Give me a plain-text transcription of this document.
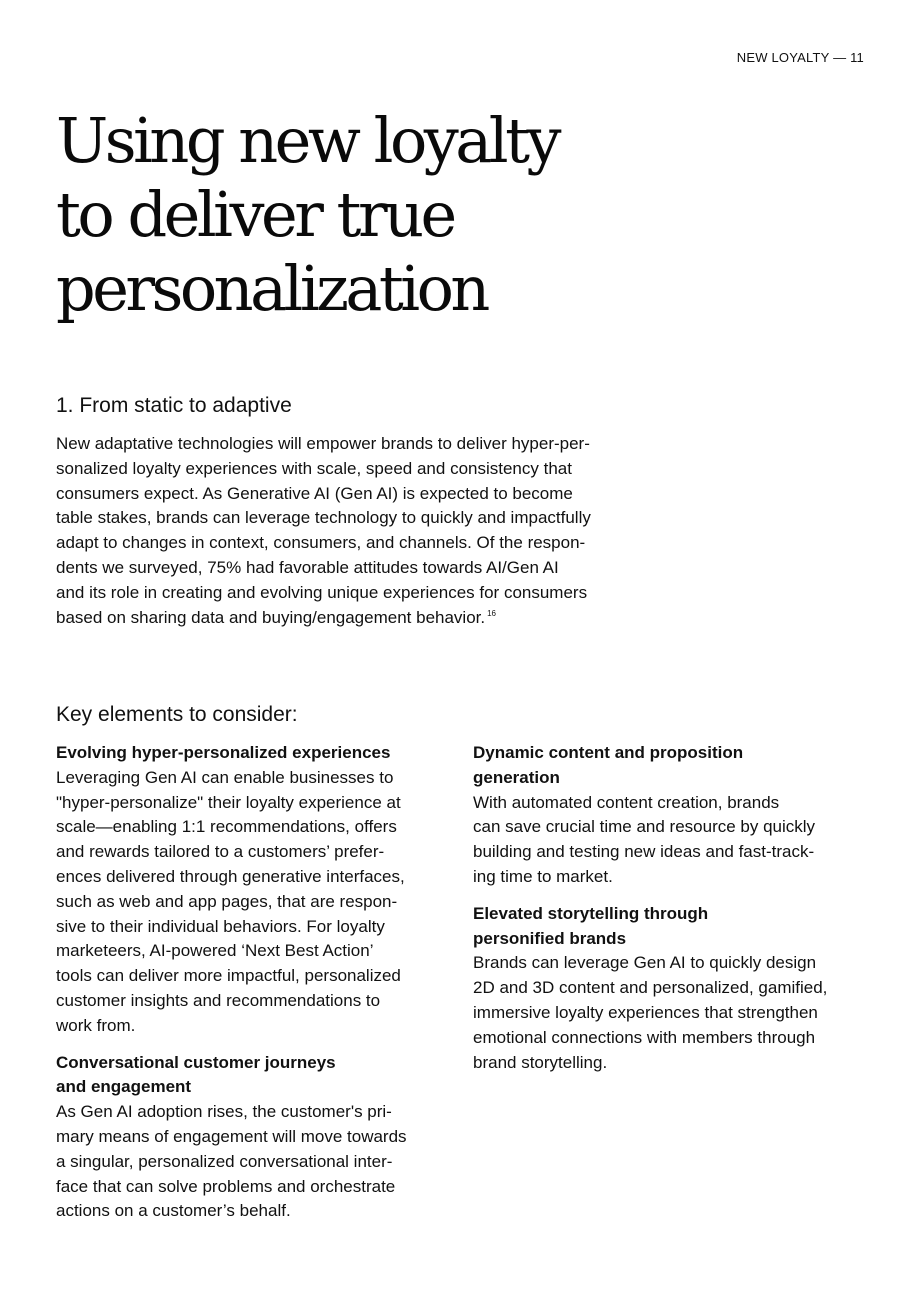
NEW LOYALTY — 11
Using new loyalty
to deliver true
personalization
1. From static to adaptive

New adaptative technologies will empower brands to deliver hyper-per-
sonalized loyalty experiences with scale, speed and consistency that
consumers expect. As Generative AI (Gen AI) is expected to become
table stakes, brands can leverage technology to quickly and impactfully
adapt to changes in context, consumers, and channels. Of the respon-
dents we surveyed, 75% had favorable attitudes towards AI/Gen AI
and its role in creating and evolving unique experiences for consumers
based on sharing data and buying/engagement behavior. $^{16}$

Key elements to consider:

Evolving hyper-personalized experiences

Leveraging Gen AI can enable businesses to
"hyper-personalize" their loyalty experience at
scale—enabling 1:1 recommendations, offers
and rewards tailored to a customers’ prefer-
ences delivered through generative interfaces,
such as web and app pages, that are respon-
sive to their individual behaviors. For loyalty
marketeers, AI-powered ‘Next Best Action’
tools can deliver more impactful, personalized
customer insights and recommendations to
work from.

Conversational customer journeys
and engagement

As Gen AI adoption rises, the customer's pri-
mary means of engagement will move towards
a singular, personalized conversational inter-
face that can solve problems and orchestrate
actions on a customer’s behalf.

Dynamic content and proposition
generation

With automated content creation, brands
can save crucial time and resource by quickly
building and testing new ideas and fast-track-
ing time to market.

Elevated storytelling through
personified brands

Brands can leverage Gen AI to quickly design
2D and 3D content and personalized, gamified,
immersive loyalty experiences that strengthen
emotional connections with members through
brand storytelling.
